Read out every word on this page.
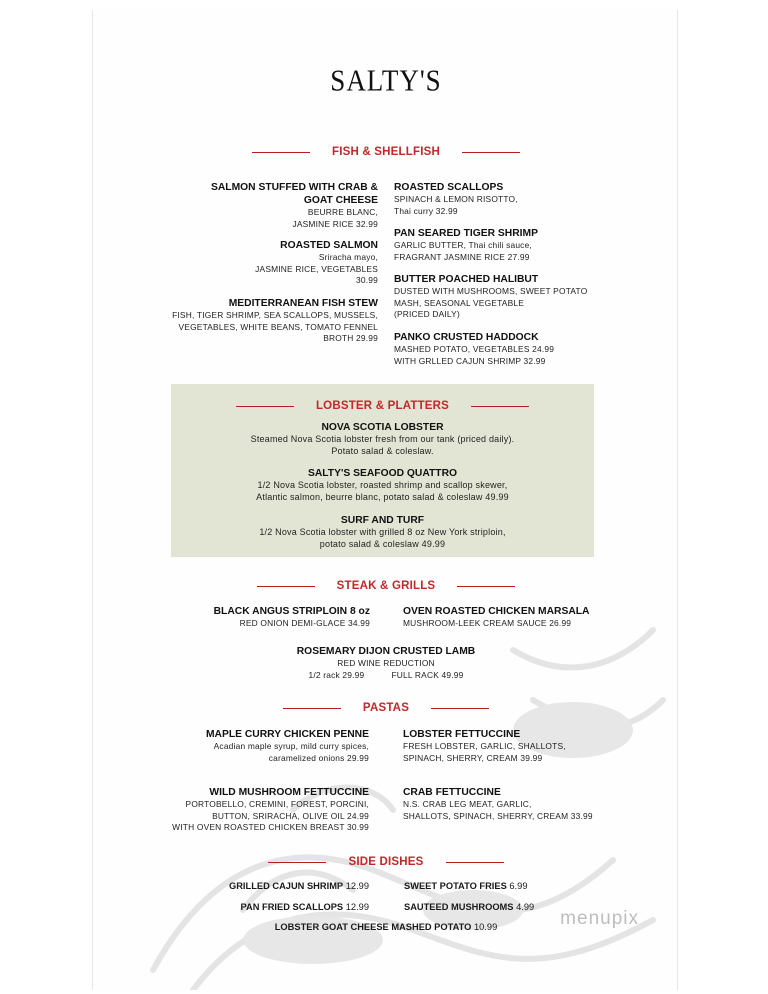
SALTY'S
FISH & SHELLFISH
SALMON STUFFED WITH CRAB &
GOAT CHEESE
BEURRE BLANC,
JASMINE RICE 32.99
ROASTED SALMON
Sriracha mayo,
JASMINE RICE, VEGETABLES
30.99
MEDITERRANEAN FISH STEW
FISH, TIGER SHRIMP, SEA SCALLOPS, MUSSELS,
VEGETABLES, WHITE BEANS, TOMATO FENNEL
BROTH 29.99
ROASTED SCALLOPS
SPINACH & LEMON RISOTTO,
Thai curry 32.99
PAN SEARED TIGER SHRIMP
GARLIC BUTTER, Thai chili sauce,
FRAGRANT JASMINE RICE 27.99
BUTTER POACHED HALIBUT
DUSTED WITH MUSHROOMS, SWEET POTATO
MASH, SEASONAL VEGETABLE
(PRICED DAILY)
PANKO CRUSTED HADDOCK
MASHED POTATO, VEGETABLES 24.99
WITH GRLLED CAJUN SHRIMP 32.99
LOBSTER & PLATTERS
NOVA SCOTIA LOBSTER
Steamed Nova Scotia lobster fresh from our tank (priced daily).
Potato salad & coleslaw.
SALTY'S SEAFOOD QUATTRO
1/2 Nova Scotia lobster, roasted shrimp and scallop skewer,
Atlantic salmon, beurre blanc, potato salad & coleslaw 49.99
SURF AND TURF
1/2 Nova Scotia lobster with grilled 8 oz New York striploin,
potato salad & coleslaw 49.99
STEAK & GRILLS
BLACK ANGUS STRIPLOIN 8 oz
RED ONION DEMI-GLACE 34.99
OVEN ROASTED CHICKEN MARSALA
MUSHROOM-LEEK CREAM SAUCE 26.99
ROSEMARY DIJON CRUSTED LAMB
RED WINE REDUCTION
1/2 rack 29.99	FULL RACK 49.99
PASTAS
MAPLE CURRY CHICKEN PENNE
Acadian maple syrup, mild curry spices,
caramelized onions 29.99
WILD MUSHROOM FETTUCCINE
PORTOBELLO, CREMINI, FOREST, PORCINI,
BUTTON, SRIRACHA, OLIVE OIL 24.99
WITH OVEN ROASTED CHICKEN BREAST 30.99
LOBSTER FETTUCCINE
FRESH LOBSTER, GARLIC, SHALLOTS,
SPINACH, SHERRY, CREAM 39.99
CRAB FETTUCCINE
N.S. CRAB LEG MEAT, GARLIC,
SHALLOTS, SPINACH, SHERRY, CREAM 33.99
SIDE DISHES
GRILLED CAJUN SHRIMP 12.99	SWEET POTATO FRIES 6.99
PAN FRIED SCALLOPS 12.99	SAUTEED MUSHROOMS 4.99
LOBSTER GOAT CHEESE MASHED POTATO 10.99	menupix
